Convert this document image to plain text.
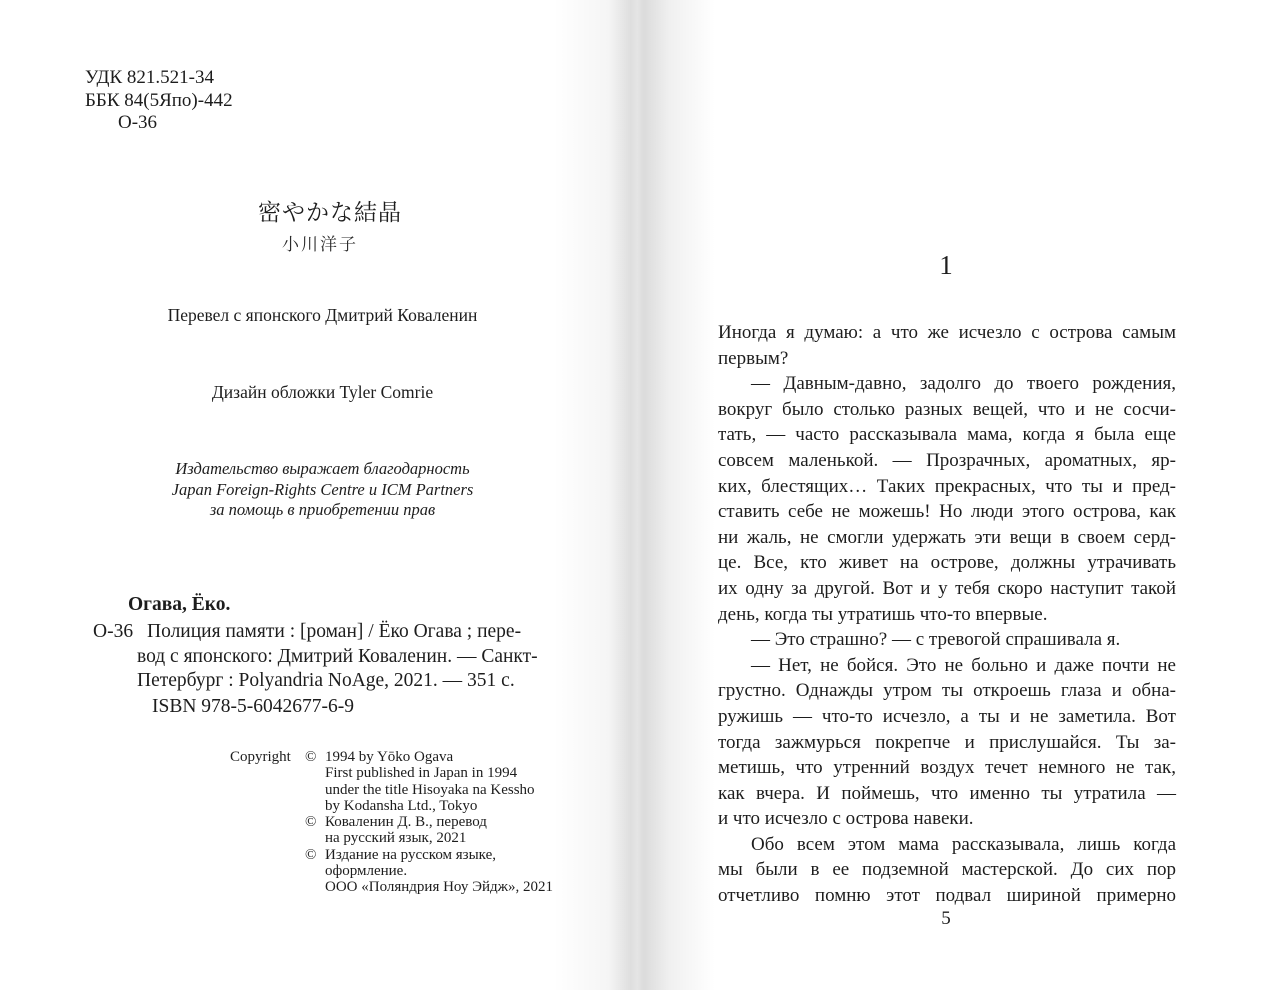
УДК 821.521-34
ББК 84(5Япо)-442
О-36
密やかな結晶
小川洋子
Перевел с японского Дмитрий Коваленин
Дизайн обложки Tyler Comrie
Издательство выражает благодарность
Japan Foreign-Rights Centre и ICM Partners
за помощь в приобретении прав
Огава, Ёко.
О-36 Полиция памяти : [роман] / Ёко Огава ; пере-
вод с японского: Дмитрий Коваленин. — Санкт-
Петербург : Polyandria NoAge, 2021. — 351 с.
ISBN 978-5-6042677-6-9
Copyright © 1994 by Yōko Ogava
First published in Japan in 1994
under the title Hisoyaka na Kessho
by Kodansha Ltd., Tokyo
© Коваленин Д. В., перевод
на русский язык, 2021
© Издание на русском языке,
оформление.
ООО «Поляндрия Ноу Эйдж», 2021
1
Иногда я думаю: а что же исчезло с острова самым
первым?
— Давным-давно, задолго до твоего рождения,
вокруг было столько разных вещей, что и не сосчи-
тать, — часто рассказывала мама, когда я была еще
совсем маленькой. — Прозрачных, ароматных, яр-
ких, блестящих… Таких прекрасных, что ты и пред-
ставить себе не можешь! Но люди этого острова, как
ни жаль, не смогли удержать эти вещи в своем серд-
це. Все, кто живет на острове, должны утрачивать
их одну за другой. Вот и у тебя скоро наступит такой
день, когда ты утратишь что-то впервые.
— Это страшно? — с тревогой спрашивала я.
— Нет, не бойся. Это не больно и даже почти не
грустно. Однажды утром ты откроешь глаза и обна-
ружишь — что-то исчезло, а ты и не заметила. Вот
тогда зажмурься покрепче и прислушайся. Ты за-
метишь, что утренний воздух течет немного не так,
как вчера. И поймешь, что именно ты утратила —
и что исчезло с острова навеки.
Обо всем этом мама рассказывала, лишь когда
мы были в ее подземной мастерской. До сих пор
отчетливо помню этот подвал шириной примерно
5
